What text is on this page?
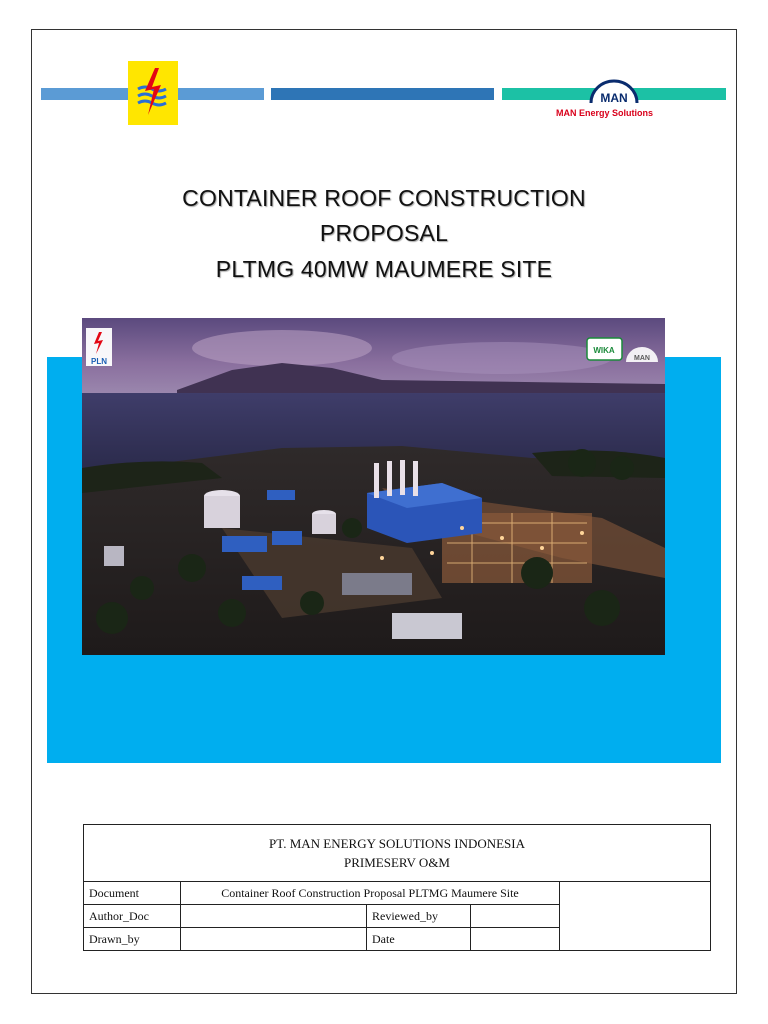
MAN
MAN Energy Solutions
CONTAINER ROOF CONSTRUCTION
PROPOSAL
PLTMG 40MW MAUMERE SITE
PLN
WIKA
MAN
PT. MAN ENERGY SOLUTIONS INDONESIA
PRIMESERV O&M				

Document	Container Roof Construction Proposal PLTMG Maumere Site			
Author_Doc		Reviewed_by		
Drawn_by		Date		
